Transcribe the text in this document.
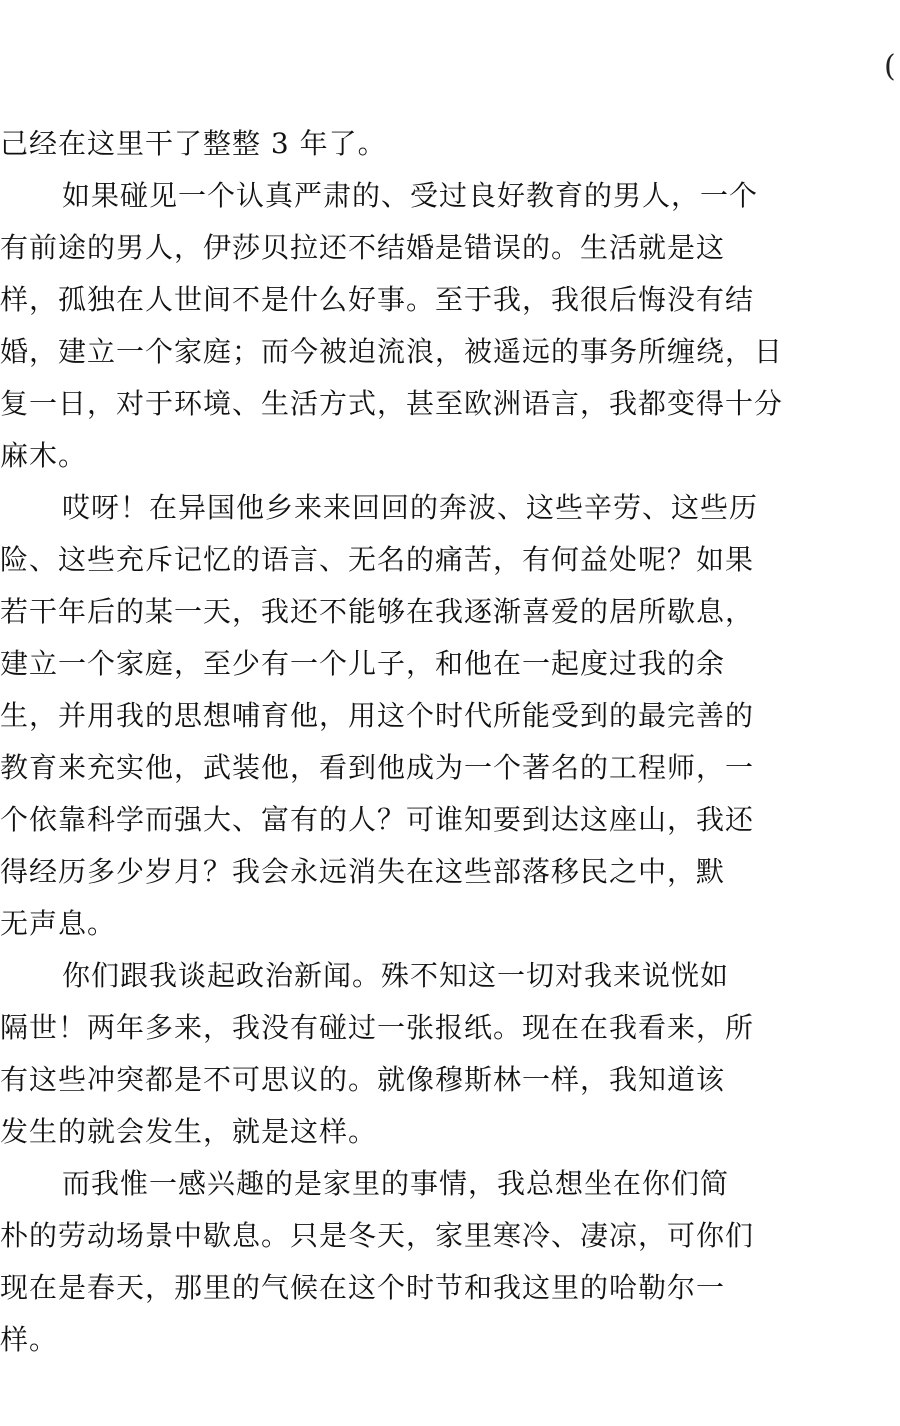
(
己经在这里干了整整 3 年了。
如果碰见一个认真严肃的、受过良好教育的男人，一个
有前途的男人，伊莎贝拉还不结婚是错误的。生活就是这
样，孤独在人世间不是什么好事。至于我，我很后悔没有结
婚，建立一个家庭；而今被迫流浪，被遥远的事务所缠绕，日
复一日，对于环境、生活方式，甚至欧洲语言，我都变得十分
麻木。
哎呀！在异国他乡来来回回的奔波、这些辛劳、这些历
险、这些充斥记忆的语言、无名的痛苦，有何益处呢？如果
若干年后的某一天，我还不能够在我逐渐喜爱的居所歇息，
建立一个家庭，至少有一个儿子，和他在一起度过我的余
生，并用我的思想哺育他，用这个时代所能受到的最完善的
教育来充实他，武装他，看到他成为一个著名的工程师，一
个依靠科学而强大、富有的人？可谁知要到达这座山，我还
得经历多少岁月？我会永远消失在这些部落移民之中，默
无声息。
你们跟我谈起政治新闻。殊不知这一切对我来说恍如
隔世！两年多来，我没有碰过一张报纸。现在在我看来，所
有这些冲突都是不可思议的。就像穆斯林一样，我知道该
发生的就会发生，就是这样。
而我惟一感兴趣的是家里的事情，我总想坐在你们简
朴的劳动场景中歇息。只是冬天，家里寒冷、凄凉，可你们
现在是春天，那里的气候在这个时节和我这里的哈勒尔一
样。
